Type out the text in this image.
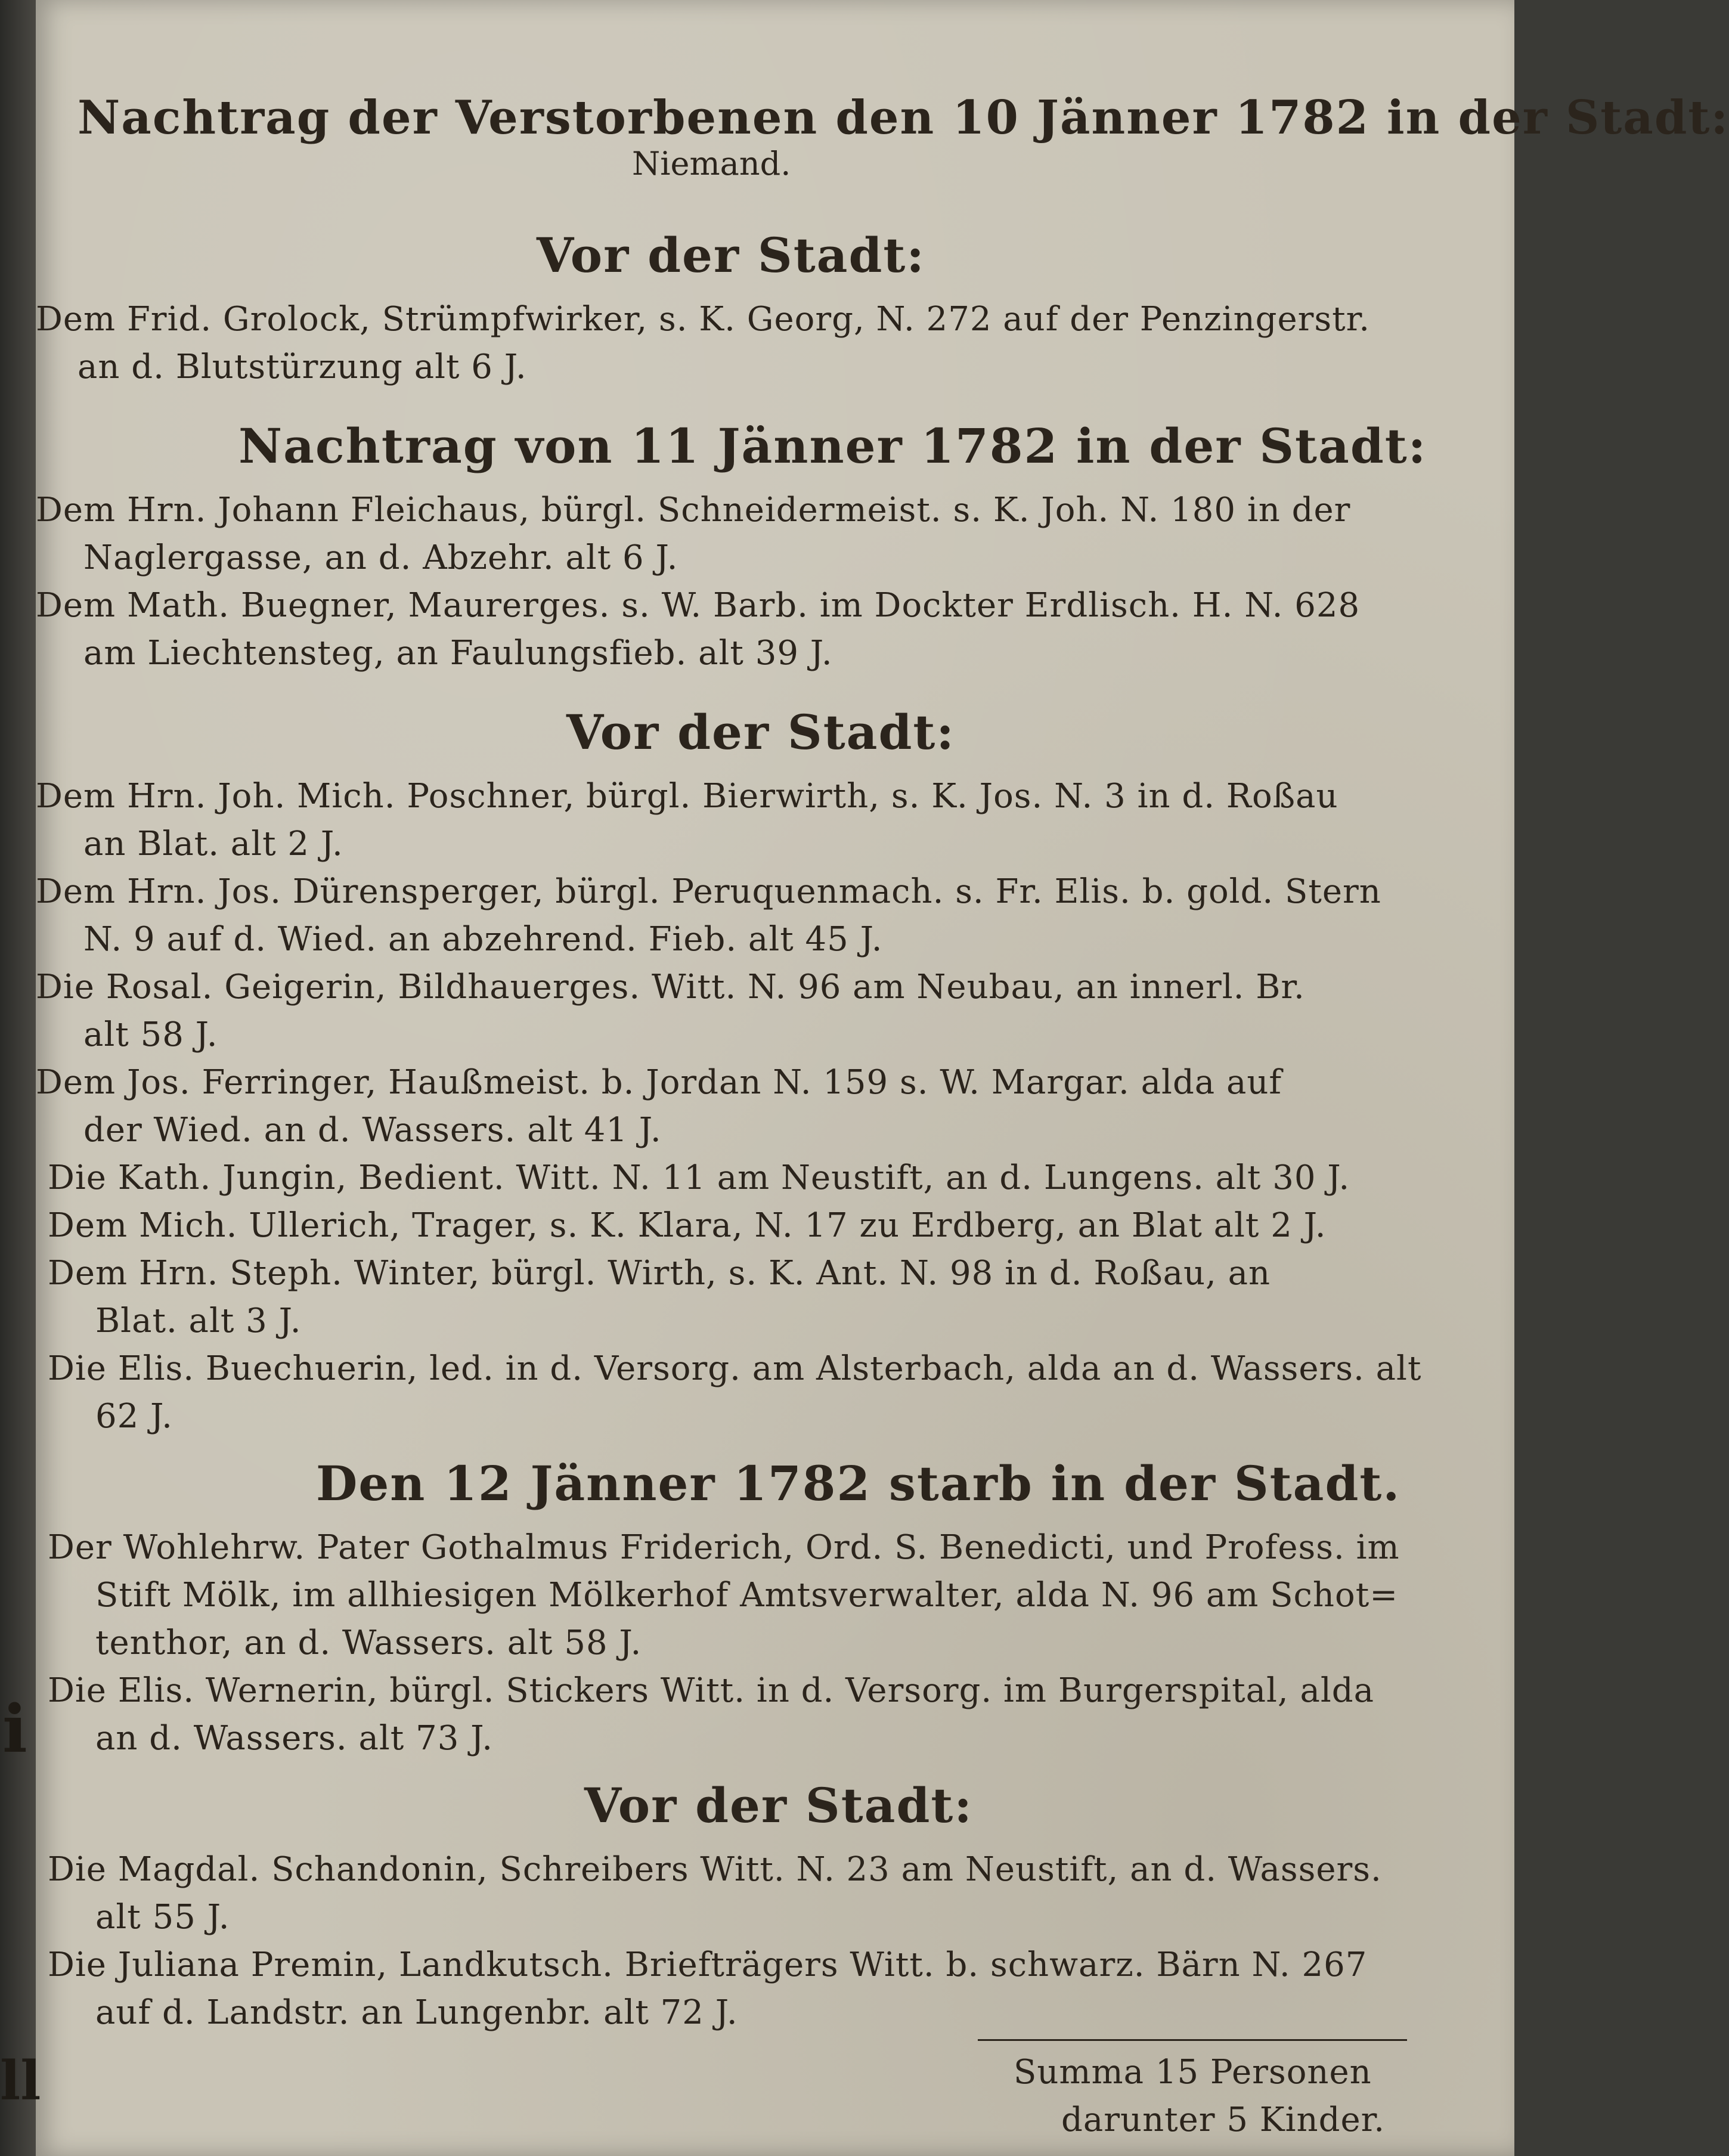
Nachtrag der Verstorbenen den 10 Jänner 1782 in der Stadt:
Niemand.
Vor der Stadt:
Dem Frid. Grolock, Strümpfwirker, s. K. Georg, N. 272 auf der Penzingerstr.
an d. Blutstürzung alt 6 J.
Nachtrag von 11 Jänner 1782 in der Stadt:
Dem Hrn. Johann Fleichaus, bürgl. Schneidermeist. s. K. Joh. N. 180 in der
Naglergasse, an d. Abzehr. alt 6 J.
Dem Math. Buegner, Maurerges. s. W. Barb. im Dockter Erdlisch. H. N. 628
am Liechtensteg, an Faulungsfieb. alt 39 J.
Vor der Stadt:
Dem Hrn. Joh. Mich. Poschner, bürgl. Bierwirth, s. K. Jos. N. 3 in d. Roßau
an Blat. alt 2 J.
Dem Hrn. Jos. Dürensperger, bürgl. Peruquenmach. s. Fr. Elis. b. gold. Stern
N. 9 auf d. Wied. an abzehrend. Fieb. alt 45 J.
Die Rosal. Geigerin, Bildhauerges. Witt. N. 96 am Neubau, an innerl. Br.
alt 58 J.
Dem Jos. Ferringer, Haußmeist. b. Jordan N. 159 s. W. Margar. alda auf
der Wied. an d. Wassers. alt 41 J.
Die Kath. Jungin, Bedient. Witt. N. 11 am Neustift, an d. Lungens. alt 30 J.
Dem Mich. Ullerich, Trager, s. K. Klara, N. 17 zu Erdberg, an Blat alt 2 J.
Dem Hrn. Steph. Winter, bürgl. Wirth, s. K. Ant. N. 98 in d. Roßau, an
Blat. alt 3 J.
Die Elis. Buechuerin, led. in d. Versorg. am Alsterbach, alda an d. Wassers. alt
62 J.
Den 12 Jänner 1782 starb in der Stadt.
Der Wohlehrw. Pater Gothalmus Friderich, Ord. S. Benedicti, und Profess. im
Stift Mölk, im allhiesigen Mölkerhof Amtsverwalter, alda N. 96 am Schot=
tenthor, an d. Wassers. alt 58 J.
Die Elis. Wernerin, bürgl. Stickers Witt. in d. Versorg. im Burgerspital, alda
an d. Wassers. alt 73 J.
Vor der Stadt:
Die Magdal. Schandonin, Schreibers Witt. N. 23 am Neustift, an d. Wassers.
alt 55 J.
Die Juliana Premin, Landkutsch. Briefträgers Witt. b. schwarz. Bärn N. 267
auf d. Landstr. an Lungenbr. alt 72 J.
Summa 15 Personen
darunter 5 Kinder.
i
ll
